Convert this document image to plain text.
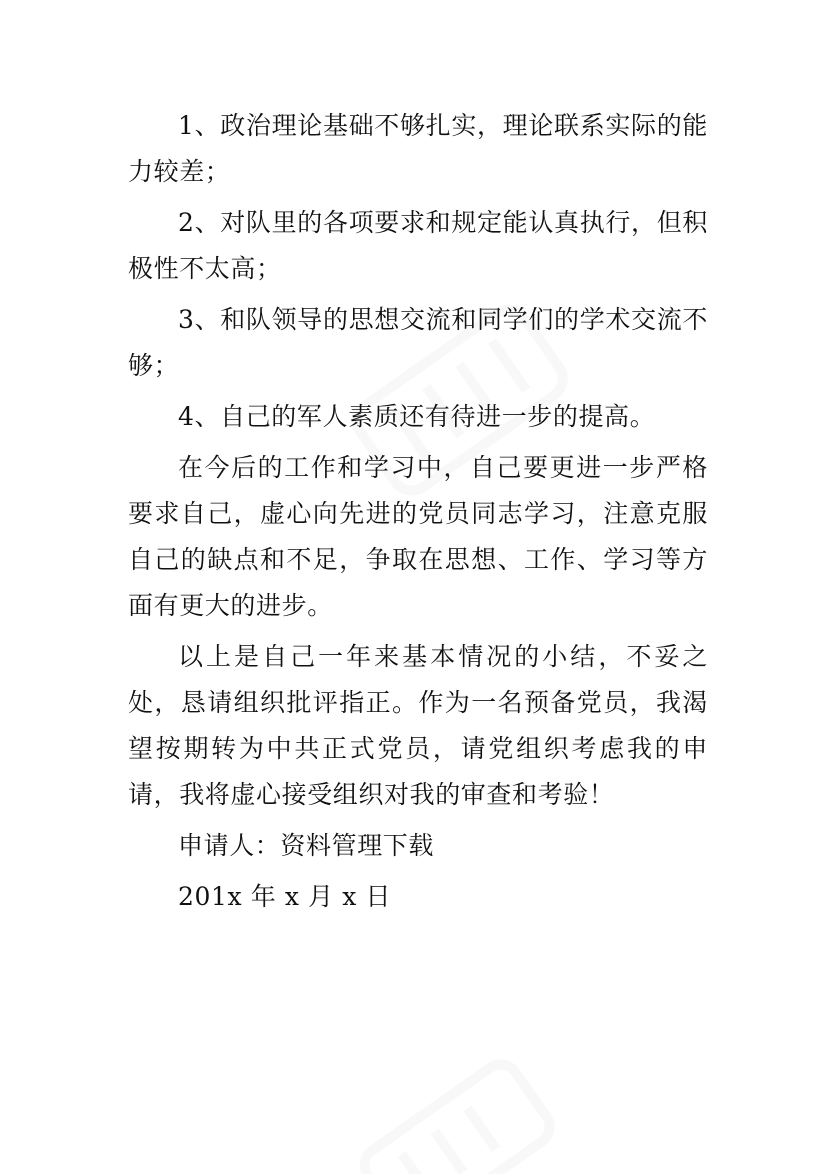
1、政治理论基础不够扎实，理论联系实际的能力较差；

2、对队里的各项要求和规定能认真执行，但积极性不太高；

3、和队领导的思想交流和同学们的学术交流不够；

4、自己的军人素质还有待进一步的提高。

在今后的工作和学习中，自己要更进一步严格要求自己，虚心向先进的党员同志学习，注意克服自己的缺点和不足，争取在思想、工作、学习等方面有更大的进步。

以上是自己一年来基本情况的小结，不妥之处，恳请组织批评指正。作为一名预备党员，我渴望按期转为中共正式党员，请党组织考虑我的申请，我将虚心接受组织对我的审查和考验！

申请人：资料管理下载

201x 年 x 月 x 日
